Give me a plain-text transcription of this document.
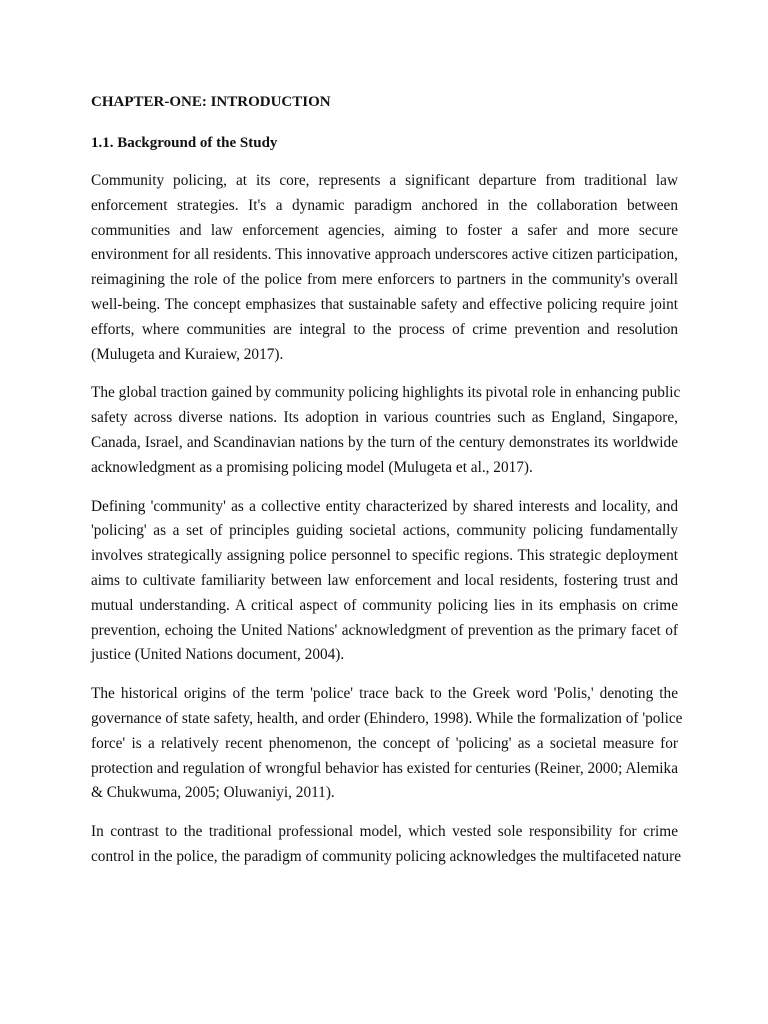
CHAPTER-ONE: INTRODUCTION
1.1. Background of the Study
Community policing, at its core, represents a significant departure from traditional law
enforcement strategies. It's a dynamic paradigm anchored in the collaboration between
communities and law enforcement agencies, aiming to foster a safer and more secure
environment for all residents. This innovative approach underscores active citizen participation,
reimagining the role of the police from mere enforcers to partners in the community's overall
well-being. The concept emphasizes that sustainable safety and effective policing require joint
efforts, where communities are integral to the process of crime prevention and resolution
(Mulugeta and Kuraiew, 2017).
The global traction gained by community policing highlights its pivotal role in enhancing public
safety across diverse nations. Its adoption in various countries such as England, Singapore,
Canada, Israel, and Scandinavian nations by the turn of the century demonstrates its worldwide
acknowledgment as a promising policing model (Mulugeta et al., 2017).
Defining 'community' as a collective entity characterized by shared interests and locality, and
'policing' as a set of principles guiding societal actions, community policing fundamentally
involves strategically assigning police personnel to specific regions. This strategic deployment
aims to cultivate familiarity between law enforcement and local residents, fostering trust and
mutual understanding. A critical aspect of community policing lies in its emphasis on crime
prevention, echoing the United Nations' acknowledgment of prevention as the primary facet of
justice (United Nations document, 2004).
The historical origins of the term 'police' trace back to the Greek word 'Polis,' denoting the
governance of state safety, health, and order (Ehindero, 1998). While the formalization of 'police
force' is a relatively recent phenomenon, the concept of 'policing' as a societal measure for
protection and regulation of wrongful behavior has existed for centuries (Reiner, 2000; Alemika
& Chukwuma, 2005; Oluwaniyi, 2011).
In contrast to the traditional professional model, which vested sole responsibility for crime
control in the police, the paradigm of community policing acknowledges the multifaceted nature
